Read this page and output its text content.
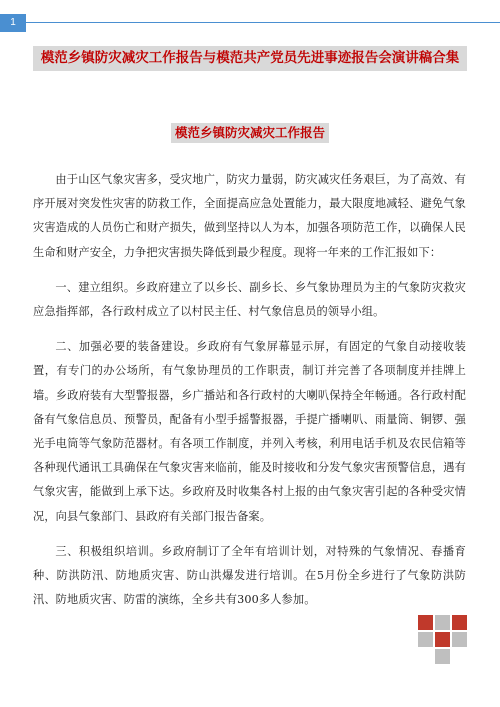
1
模范乡镇防灾减灾工作报告与模范共产党员先进事迹报告会演讲稿合集
模范乡镇防灾减灾工作报告

由于山区气象灾害多，受灾地广，防灾力量弱，防灾减灾任务艰巨，为了高效、有序开展对突发性灾害的防救工作，全面提高应急处置能力，最大限度地减轻、避免气象灾害造成的人员伤亡和财产损失，做到坚持以人为本，加强各项防范工作，以确保人民生命和财产安全，力争把灾害损失降低到最少程度。现将一年来的工作汇报如下：

一、建立组织。乡政府建立了以乡长、副乡长、乡气象协理员为主的气象防灾救灾应急指挥部，各行政村成立了以村民主任、村气象信息员的领导小组。

二、加强必要的装备建设。乡政府有气象屏幕显示屏，有固定的气象自动接收装置，有专门的办公场所，有气象协理员的工作职责，制订并完善了各项制度并挂牌上墙。乡政府装有大型警报器，乡广播站和各行政村的大喇叭保持全年畅通。各行政村配备有气象信息员、预警员，配备有小型手摇警报器，手提广播喇叭、雨量筒、铜锣、强光手电筒等气象防范器材。有各项工作制度，并列入考核，利用电话手机及农民信箱等各种现代通讯工具确保在气象灾害来临前，能及时接收和分发气象灾害预警信息，遇有气象灾害，能做到上承下达。乡政府及时收集各村上报的由气象灾害引起的各种受灾情况，向县气象部门、县政府有关部门报告备案。

三、积极组织培训。乡政府制订了全年有培训计划，对特殊的气象情况、春播育种、防洪防汛、防地质灾害、防山洪爆发进行培训。在5月份全乡进行了气象防洪防汛、防地质灾害、防雷的演练，全乡共有300多人参加。
